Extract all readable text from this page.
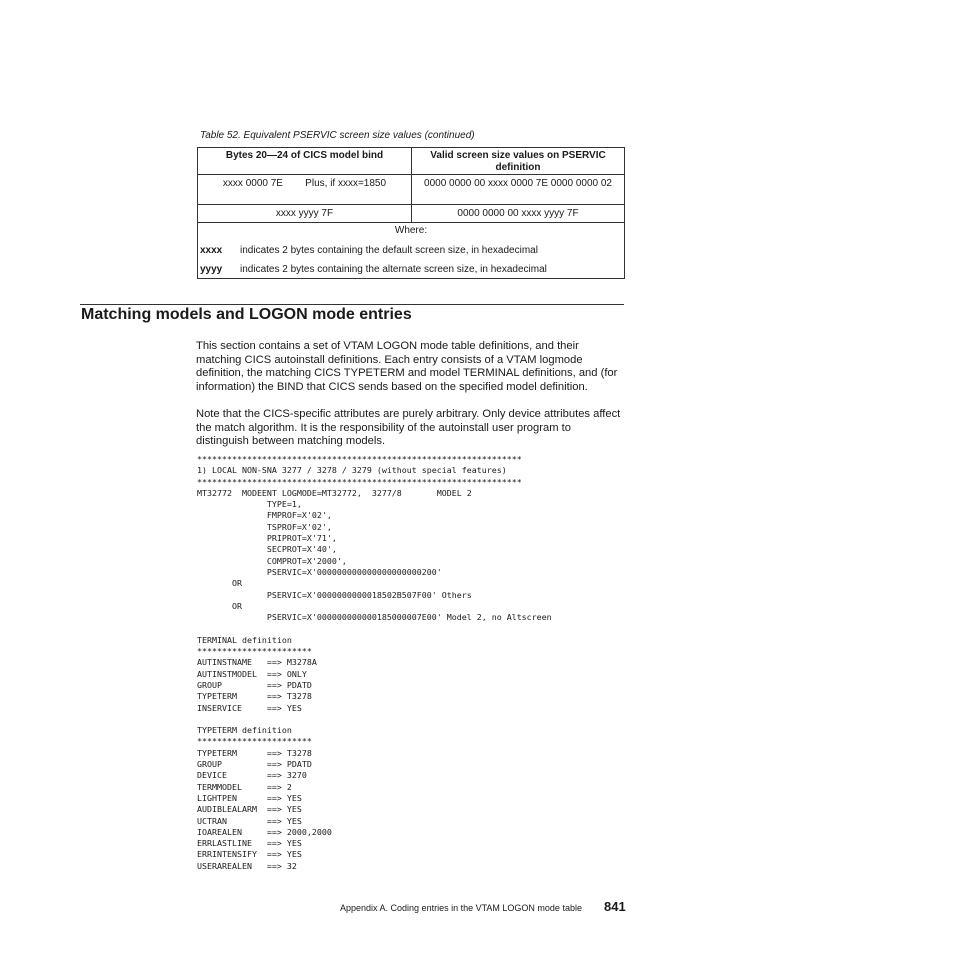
Table 52. Equivalent PSERVIC screen size values (continued)
Bytes 20—24 of CICS model bind	Valid screen size values on PSERVIC definition
xxxx 0000 7E        Plus, if xxxx=1850	0000 0000 00 xxxx 0000 7E 0000 0000 02
xxxx yyyy 7F	0000 0000 00 xxxx yyyy 7F

Where:
xxxx indicates 2 bytes containing the default screen size, in hexadecimal
yyyy indicates 2 bytes containing the alternate screen size, in hexadecimal	
Matching models and LOGON mode entries

This section contains a set of VTAM LOGON mode table definitions, and their matching CICS autoinstall definitions. Each entry consists of a VTAM logmode definition, the matching CICS TYPETERM and model TERMINAL definitions, and (for information) the BIND that CICS sends based on the specified model definition.

Note that the CICS-specific attributes are purely arbitrary. Only device attributes affect the match algorithm. It is the responsibility of the autoinstall user program to distinguish between matching models.

*****************************************************************
1) LOCAL NON-SNA 3277 / 3278 / 3279 (without special features)
*****************************************************************
MT32772  MODEENT LOGMODE=MT32772,  3277/8       MODEL 2
TYPE=1,
FMPROF=X'02',
TSPROF=X'02',
PRIPROT=X'71',
SECPROT=X'40',
COMPROT=X'2000',
PSERVIC=X'000000000000000000000200'
OR
PSERVIC=X'0000000000018502B507F00' Others
OR
PSERVIC=X'000000000000185000007E00' Model 2, no Altscreen

TERMINAL definition
***********************
AUTINSTNAME   ==> M3278A
AUTINSTMODEL  ==> ONLY
GROUP         ==> PDATD
TYPETERM      ==> T3278
INSERVICE     ==> YES

TYPETERM definition
***********************
TYPETERM      ==> T3278
GROUP         ==> PDATD
DEVICE        ==> 3270
TERMMODEL     ==> 2
LIGHTPEN      ==> YES
AUDIBLEALARM  ==> YES
UCTRAN        ==> YES
IOAREALEN     ==> 2000,2000
ERRLASTLINE   ==> YES
ERRINTENSIFY  ==> YES
USERAREALEN   ==> 32

Appendix A. Coding entries in the VTAM LOGON mode table 841
